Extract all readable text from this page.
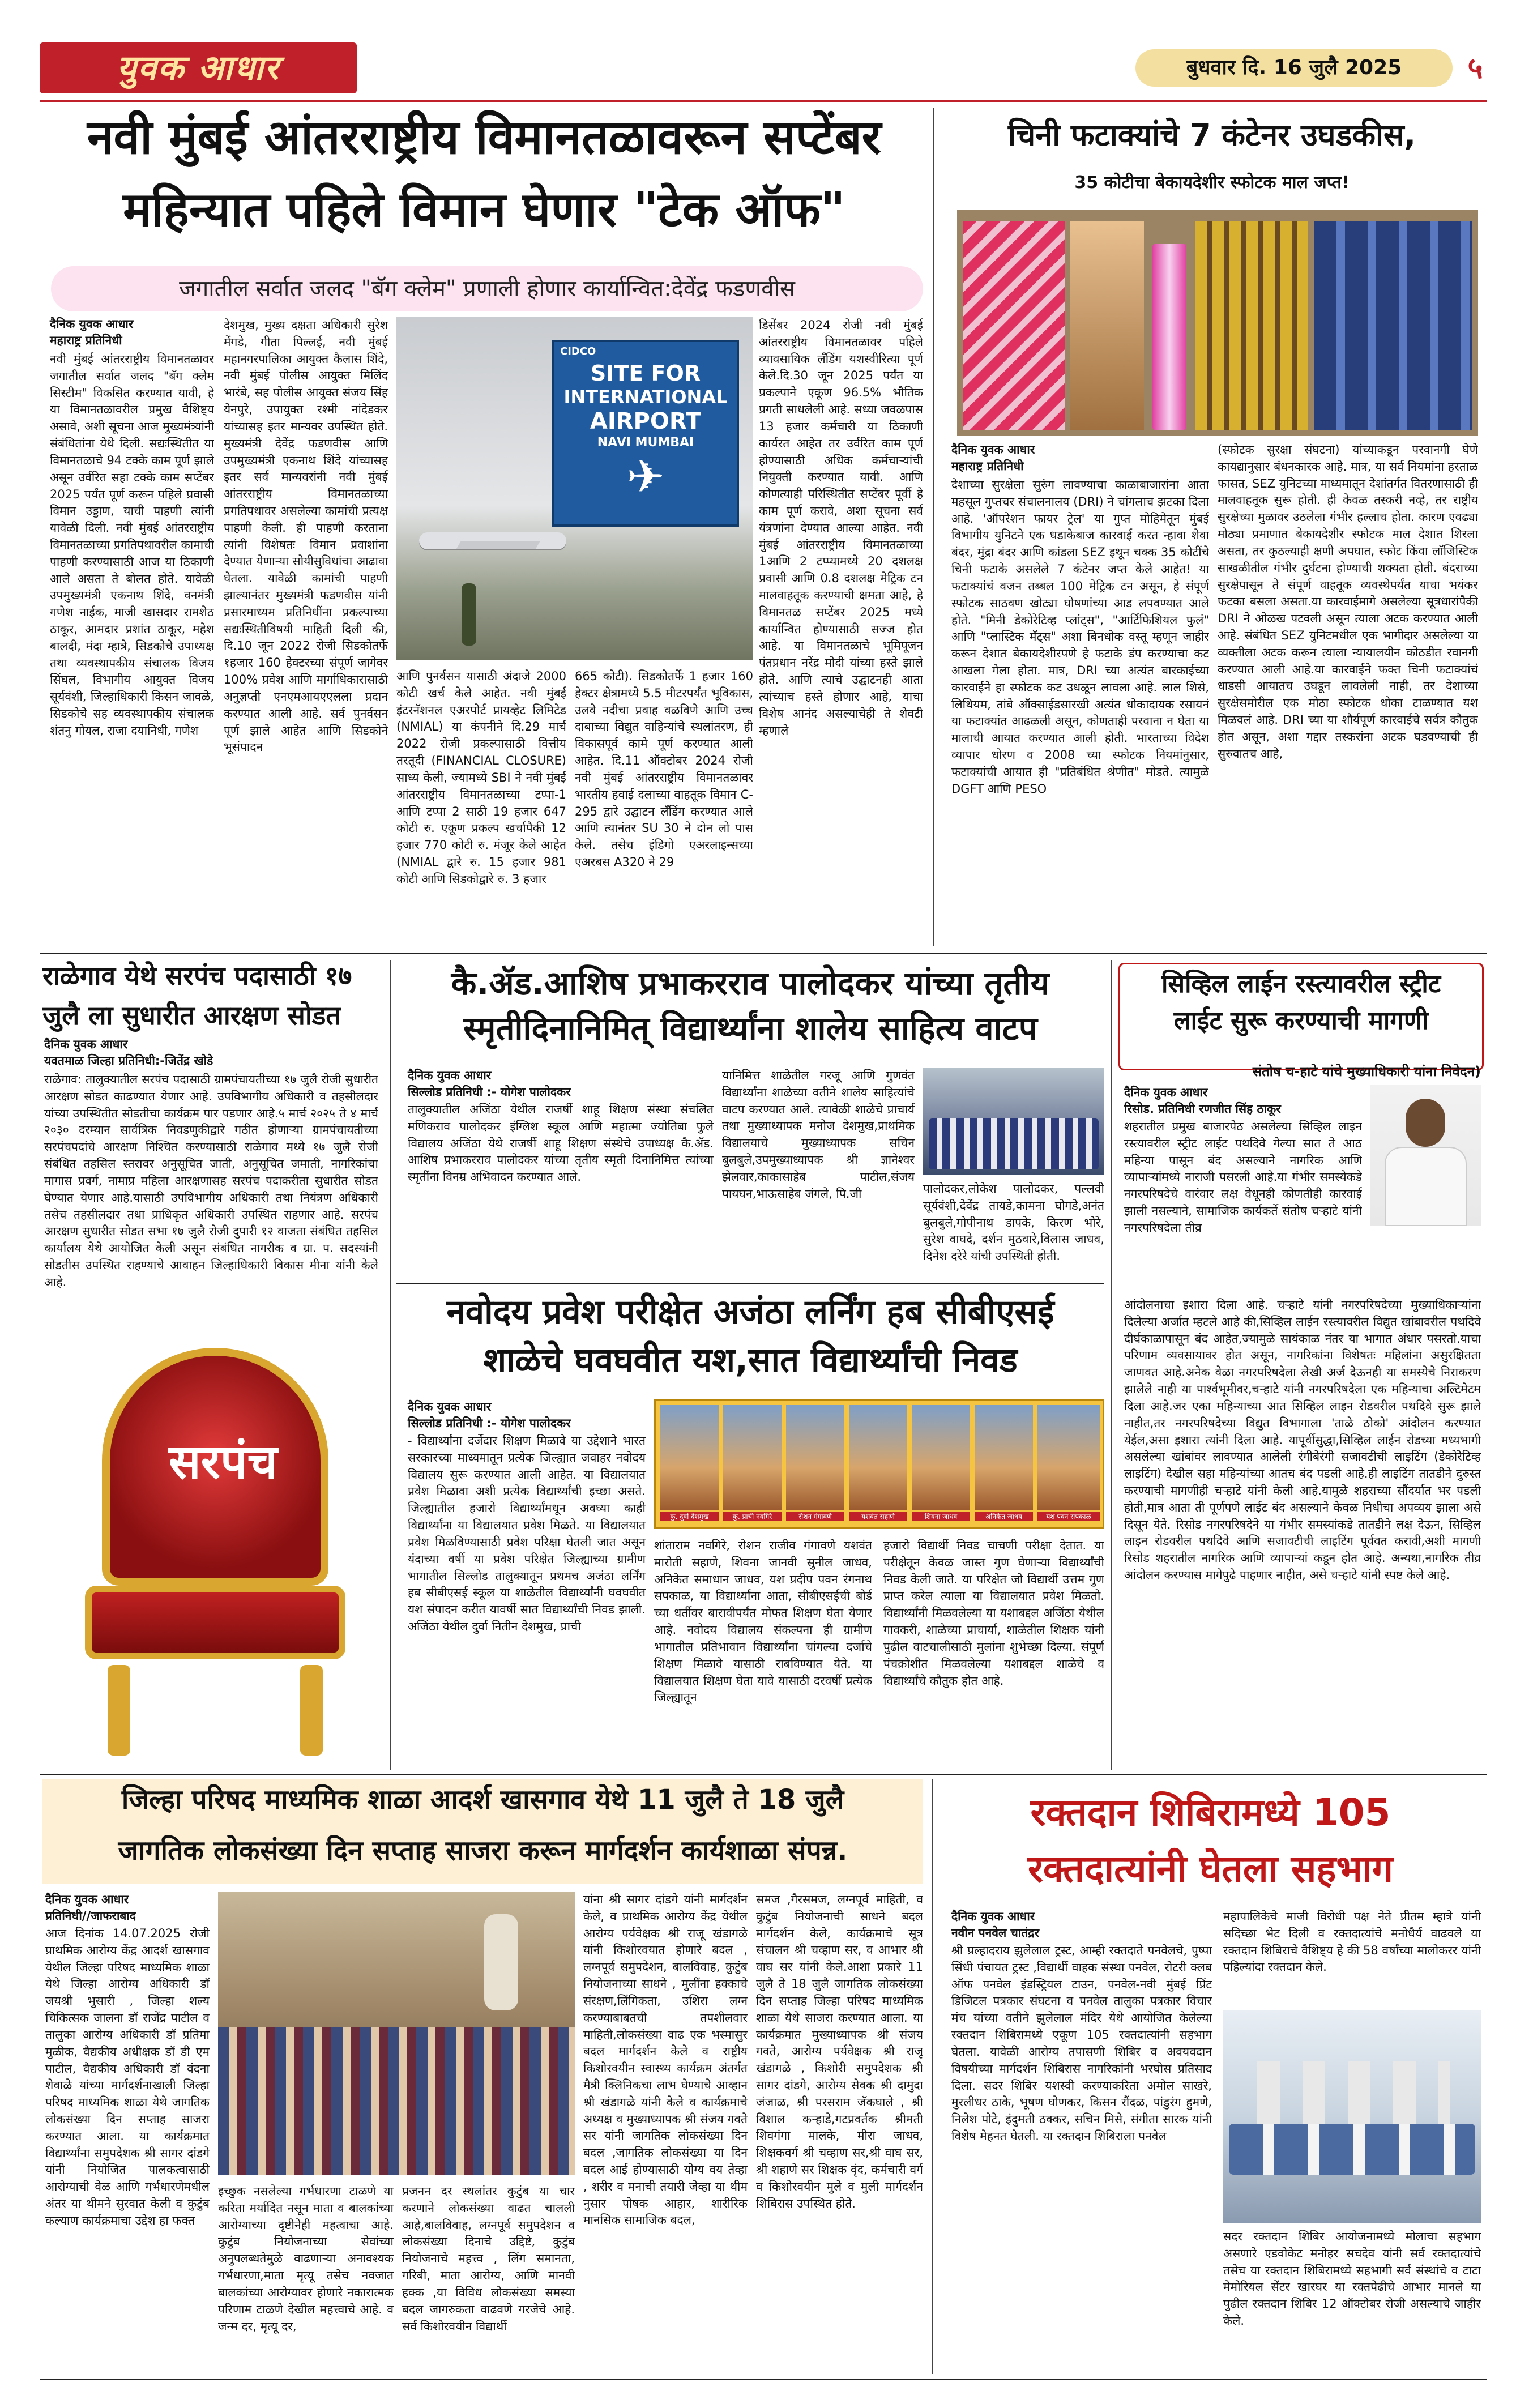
युवक आधार	बुधवार दि. 16 जुलै 2025	५
नवी मुंबई आंतरराष्ट्रीय विमानतळावरून सप्टेंबर
महिन्यात पहिले विमान घेणार "टेक ऑफ"
जगातील सर्वात जलद "बॅग क्लेम" प्रणाली होणार कार्यान्वित:देवेंद्र फडणवीस
दैनिक युवक आधार
महाराष्ट्र प्रतिनिधी
नवी मुंबई आंतरराष्ट्रीय विमानतळावर जगातील सर्वात जलद "बॅग क्लेम सिस्टीम" विकसित करण्यात यावी, हे या विमानतळावरील प्रमुख वैशिष्ट्य असावे, अशी सूचना आज मुख्यमंत्र्यांनी संबंधितांना येथे दिली. सद्यःस्थितीत या विमानतळाचे 94 टक्के काम पूर्ण झाले असून उर्वरित सहा टक्के काम सप्टेंबर 2025 पर्यंत पूर्ण करून पहिले प्रवासी विमान उड्डाण, याची पाहणी त्यांनी यावेळी दिली. नवी मुंबई आंतरराष्ट्रीय विमानतळाच्या प्रगतिपथावरील कामाची पाहणी करण्यासाठी आज या ठिकाणी आले असता ते बोलत होते. यावेळी उपमुख्यमंत्री एकनाथ शिंदे, वनमंत्री गणेश नाईक, माजी खासदार रामशेठ ठाकूर, आमदार प्रशांत ठाकूर, महेश बालदी, मंदा म्हात्रे, सिडकोचे उपाध्यक्ष तथा व्यवस्थापकीय संचालक विजय सिंघल, विभागीय आयुक्त विजय सूर्यवंशी, जिल्हाधिकारी किसन जावळे, सिडकोचे सह व्यवस्थापकीय संचालक शंतनु गोयल, राजा दयानिधी, गणेश
देशमुख, मुख्य दक्षता अधिकारी सुरेश मेंगडे, गीता पिल्लई, नवी मुंबई महानगरपालिका आयुक्त कैलास शिंदे, नवी मुंबई पोलीस आयुक्त मिलिंद भारंबे, सह पोलीस आयुक्त संजय सिंह येनपुरे, उपायुक्त रश्मी नांदेडकर यांच्यासह इतर मान्यवर उपस्थित होते. मुख्यमंत्री देवेंद्र फडणवीस आणि उपमुख्यमंत्री एकनाथ शिंदे यांच्यासह इतर सर्व मान्यवरांनी नवी मुंबई आंतरराष्ट्रीय विमानतळाच्या प्रगतिपथावर असलेल्या कामांची प्रत्यक्ष पाहणी केली. ही पाहणी करताना त्यांनी विशेषतः विमान प्रवाशांना देण्यात येणाऱ्या सोयीसुविधांचा आढावा घेतला. यावेळी कामांची पाहणी झाल्यानंतर मुख्यमंत्री फडणवीस यांनी प्रसारमाध्यम प्रतिनिधींना प्रकल्पाच्या सद्यःस्थितीविषयी माहिती दिली की, दि.10 जून 2022 रोजी सिडकोतर्फे १हजार 160 हेक्टरच्या संपूर्ण जागेवर 100% प्रवेश आणि मार्गाधिकारासाठी अनुज्ञप्ती एनएमआयएएलला प्रदान करण्यात आली आहे. सर्व पुनर्वसन पूर्ण झाले आहेत आणि सिडकोने भूसंपादन
CIDCO
SITE FOR
INTERNATIONAL
AIRPORT
NAVI MUMBAI
✈
आणि पुनर्वसन यासाठी अंदाजे 2000 कोटी खर्च केले आहेत. नवी मुंबई इंटरनॅशनल एअरपोर्ट प्रायव्हेट लिमिटेड (NMIAL) या कंपनीने दि.29 मार्च 2022 रोजी प्रकल्पासाठी वित्तीय तरतूदी (FINANCIAL CLOSURE) साध्य केली, ज्यामध्ये SBI ने नवी मुंबई आंतरराष्ट्रीय विमानतळाच्या टप्पा-1 आणि टप्पा 2 साठी 19 हजार 647 कोटी रु. एकूण प्रकल्प खर्चापैकी 12 हजार 770 कोटी रु. मंजूर केले आहेत (NMIAL द्वारे रु. 15 हजार 981 कोटी आणि सिडकोद्वारे रु. 3 हजार
665 कोटी). सिडकोतर्फे 1 हजार 160 हेक्टर क्षेत्रामध्ये 5.5 मीटरपर्यंत भूविकास, उलवे नदीचा प्रवाह वळविणे आणि उच्च दाबाच्या विद्युत वाहिन्यांचे स्थलांतरण, ही विकासपूर्व कामे पूर्ण करण्यात आली आहेत. दि.11 ऑक्टोबर 2024 रोजी नवी मुंबई आंतरराष्ट्रीय विमानतळावर भारतीय हवाई दलाच्या वाहतूक विमान C-295 द्वारे उद्घाटन लँडिंग करण्यात आले आणि त्यानंतर SU 30 ने दोन लो पास केले. तसेच इंडिगो एअरलाइन्सच्या एअरबस A320 ने 29
डिसेंबर 2024 रोजी नवी मुंबई आंतरराष्ट्रीय विमानतळावर पहिले व्यावसायिक लँडिंग यशस्वीरित्या पूर्ण केले.दि.30 जून 2025 पर्यंत या प्रकल्पाने एकूण 96.5% भौतिक प्रगती साधलेली आहे. सध्या जवळपास 13 हजार कर्मचारी या ठिकाणी कार्यरत आहेत तर उर्वरित काम पूर्ण होण्यासाठी अधिक कर्मचाऱ्यांची नियुक्ती करण्यात यावी. आणि कोणत्याही परिस्थितीत सप्टेंबर पूर्वी हे काम पूर्ण करावे, अशा सूचना सर्व यंत्रणांना देण्यात आल्या आहेत. नवी मुंबई आंतरराष्ट्रीय विमानतळाच्या 1आणि 2 टप्प्यामध्ये 20 दशलक्ष प्रवासी आणि 0.8 दशलक्ष मेट्रिक टन मालवाहतूक करण्याची क्षमता आहे, हे विमानतळ सप्टेंबर 2025 मध्ये कार्यान्वित होण्यासाठी सज्ज होत आहे. या विमानतळाचे भूमिपूजन पंतप्रधान नरेंद्र मोदी यांच्या हस्ते झाले होते. आणि त्याचे उद्घाटनही आता त्यांच्याच हस्ते होणार आहे, याचा विशेष आनंद असल्याचेही ते शेवटी म्हणाले
चिनी फटाक्यांचे 7 कंटेनर उघडकीस,
35 कोटीचा बेकायदेशीर स्फोटक माल जप्त!
दैनिक युवक आधार
महाराष्ट्र प्रतिनिधी
देशाच्या सुरक्षेला सुरुंग लावण्याचा काळाबाजारांना आता महसूल गुप्तचर संचालनालय (DRI) ने चांगलाच झटका दिला आहे. 'ऑपरेशन फायर ट्रेल' या गुप्त मोहिमेतून मुंबई विभागीय युनिटने एक धडाकेबाज कारवाई करत न्हावा शेवा बंदर, मुंद्रा बंदर आणि कांडला SEZ इथून चक्क 35 कोटींचे चिनी फटाके असलेले 7 कंटेनर जप्त केले आहेत! या फटाक्यांचं वजन तब्बल 100 मेट्रिक टन असून, हे संपूर्ण स्फोटक साठवण खोट्या घोषणांच्या आड लपवण्यात आले होते. "मिनी डेकोरेटिव्ह प्लांट्स", "आर्टिफिशियल फुलं" आणि "प्लास्टिक मॅट्स" अशा बिनधोक वस्तू म्हणून जाहीर करून देशात बेकायदेशीरपणे हे फटाके डंप करण्याचा कट आखला गेला होता. मात्र, DRI च्या अत्यंत बारकाईच्या कारवाईने हा स्फोटक कट उधळून लावला आहे. लाल शिसे, लिथियम, तांबे ऑक्साईडसारखी अत्यंत धोकादायक रसायनं या फटाक्यांत आढळली असून, कोणताही परवाना न घेता या मालाची आयात करण्यात आली होती. भारताच्या विदेश व्यापार धोरण व 2008 च्या स्फोटक नियमांनुसार, फटाक्यांची आयात ही "प्रतिबंधित श्रेणीत" मोडते. त्यामुळे DGFT आणि PESO
(स्फोटक सुरक्षा संघटना) यांच्याकडून परवानगी घेणे कायद्यानुसार बंधनकारक आहे. मात्र, या सर्व नियमांना हरताळ फासत, SEZ युनिटच्या माध्यमातून देशांतर्गत वितरणासाठी ही मालवाहतूक सुरू होती. ही केवळ तस्करी नव्हे, तर राष्ट्रीय सुरक्षेच्या मुळावर उठलेला गंभीर हल्लाच होता. कारण एवढ्या मोठ्या प्रमाणात बेकायदेशीर स्फोटक माल देशात शिरला असता, तर कुठल्याही क्षणी अपघात, स्फोट किंवा लॉजिस्टिक साखळीतील गंभीर दुर्घटना होण्याची शक्यता होती. बंदराच्या सुरक्षेपासून ते संपूर्ण वाहतूक व्यवस्थेपर्यंत याचा भयंकर फटका बसला असता.या कारवाईमागे असलेल्या सूत्रधारांपैकी DRI ने ओळख पटवली असून त्याला अटक करण्यात आली आहे. संबंधित SEZ युनिटमधील एक भागीदार असलेल्या या व्यक्तीला अटक करून त्याला न्यायालयीन कोठडीत रवानगी करण्यात आली आहे.या कारवाईने फक्त चिनी फटाक्यांचं धाडसी आयातच उघडून लावलेली नाही, तर देशाच्या सुरक्षेसमोरील एक मोठा स्फोटक धोका टाळण्यात यश मिळवलं आहे. DRI च्या या शौर्यपूर्ण कारवाईचे सर्वत्र कौतुक होत असून, अशा गद्दार तस्करांना अटक घडवण्याची ही सुरुवातच आहे,
राळेगाव येथे सरपंच पदासाठी १७
जुलै ला सुधारीत आरक्षण सोडत
दैनिक युवक आधार
यवतमाळ जिल्हा प्रतिनिधी:-जितेंद्र खोडे
राळेगाव: तालुक्यातील सरपंच पदासाठी ग्रामपंचायतीच्या १७ जुलै रोजी सुधारीत आरक्षण सोडत काढण्यात येणार आहे. उपविभागीय अधिकारी व तहसीलदार यांच्या उपस्थितीत सोडतीचा कार्यक्रम पार पडणार आहे.५ मार्च २०२५ ते ४ मार्च २०३० दरम्यान सार्वत्रिक निवडणुकीद्वारे गठीत होणाऱ्या ग्रामपंचायतीच्या सरपंचपदांचे आरक्षण निश्चित करण्यासाठी राळेगाव मध्ये १७ जुलै रोजी संबंधित तहसिल स्तरावर अनुसूचित जाती, अनुसूचित जमाती, नागरिकांचा मागास प्रवर्ग, नामाप्र महिला आरक्षणासह सरपंच पदाकरीता सुधारीत सोडत घेण्यात येणार आहे.यासाठी उपविभागीय अधिकारी तथा नियंत्रण अधिकारी तसेच तहसीलदार तथा प्राधिकृत अधिकारी उपस्थित राहणार आहे. सरपंच आरक्षण सुधारीत सोडत सभा १७ जुलै रोजी दुपारी १२ वाजता संबंधित तहसिल कार्यालय येथे आयोजित केली असून संबंधित नागरीक व ग्रा. प. सदस्यांनी सोडतीस उपस्थित राहण्याचे आवाहन जिल्हाधिकारी विकास मीना यांनी केले आहे.
सरपंच
कै.ॲड.आशिष प्रभाकरराव पालोदकर यांच्या तृतीय
स्मृतीदिनानिमित् विद्यार्थ्यांना शालेय साहित्य वाटप
दैनिक युवक आधार
सिल्लोड प्रतिनिधी :- योगेश पालोदकर
तालुक्यातील अजिंठा येथील राजर्षी शाहू शिक्षण संस्था संचलित मणिकराव पालोदकर इंग्लिश स्कूल आणि महात्मा ज्योतिबा फुले विद्यालय अजिंठा येथे राजर्षी शाहू शिक्षण संस्थेचे उपाध्यक्ष कै.ॲड. आशिष प्रभाकरराव पालोदकर यांच्या तृतीय स्मृती दिनानिमित्त त्यांच्या स्मृतींना विनम्र अभिवादन करण्यात आले.
यानिमित्त शाळेतील गरजू आणि गुणवंत विद्यार्थ्यांना शाळेच्या वतीने शालेय साहित्यांचे वाटप करण्यात आले. त्यावेळी शाळेचे प्राचार्य तथा मुख्याध्यापक मनोज देशमुख,प्राथमिक विद्यालयाचे मुख्याध्यापक सचिन बुलबुले,उपमुख्याध्यापक श्री ज्ञानेश्वर झेलवार,काकासाहेब पाटील,संजय पायघन,भाऊसाहेब जंगले, पि.जी	पालोदकर,लोकेश पालोदकर, पल्लवी सूर्यवंशी,देवेंद्र तायडे,कामना घोगडे,अनंत बुलबुले,गोपीनाथ डापके, किरण भोरे, सुरेश वाघदे, दर्शन मुठवारे,विलास जाधव, दिनेश दरेरे यांची उपस्थिती होती.
नवोदय प्रवेश परीक्षेत अजंठा लर्निंग हब सीबीएसई
शाळेचे घवघवीत यश,सात विद्यार्थ्यांची निवड
दैनिक युवक आधार
सिल्लोड प्रतिनिधी :- योगेश पालोदकर
- विद्यार्थ्यांना दर्जेदार शिक्षण मिळावे या उद्देशाने भारत सरकारच्या माध्यमातून प्रत्येक जिल्ह्यात जवाहर नवोदय विद्यालय सुरू करण्यात आली आहेत. या विद्यालयात प्रवेश मिळावा अशी प्रत्येक विद्यार्थ्यांची इच्छा असते. जिल्ह्यातील हजारो विद्यार्थ्यांमधून अवघ्या काही विद्यार्थ्यांना या विद्यालयात प्रवेश मिळते. या विद्यालयात प्रवेश मिळविण्यासाठी प्रवेश परिक्षा घेतली जात असून यंदाच्या वर्षी या प्रवेश परिक्षेत जिल्ह्याच्या ग्रामीण भागातील सिल्लोड तालुक्यातून प्रथमच अजंठा लर्निंग हब सीबीएसई स्कूल या शाळेतील विद्यार्थ्यांनी घवघवीत यश संपादन करीत यावर्षी सात विद्यार्थ्यांची निवड झाली. अजिंठा येथील दुर्वा नितीन देशमुख, प्राची
कु. दुर्वा देशमुख	कु. प्राची नवगिरे	रोशन गंगावणे	यशवंत सहाणे	शिवना जाधव	अनिकेत जाधव	यश पवन सपकाळ
शांताराम नवगिरे, रोशन राजीव गंगावणे यशवंत मारोती सहाणे, शिवना जानवी सुनील जाधव, अनिकेत समाधान जाधव, यश प्रदीप पवन रंगनाथ सपकाळ, या विद्यार्थ्यांना आता, सीबीएसईची बोर्ड च्या धर्तीवर बारावीपर्यंत मोफत शिक्षण घेता येणार आहे. नवोदय विद्यालय संकल्पना ही ग्रामीण भागातील प्रतिभावान विद्यार्थ्यांना चांगल्या दर्जाचे शिक्षण मिळावे यासाठी राबविण्यात येते. या विद्यालयात शिक्षण घेता यावे यासाठी दरवर्षी प्रत्येक जिल्ह्यातून
हजारो विद्यार्थी निवड चाचणी परीक्षा देतात. या परीक्षेतून केवळ जास्त गुण घेणाऱ्या विद्यार्थ्यांची निवड केली जाते. या परिक्षेत जो विद्यार्थी उत्तम गुण प्राप्त करेल त्याला या विद्यालयात प्रवेश मिळतो. विद्यार्थ्यांनी मिळवलेल्या या यशाबद्दल अजिंठा येथील गावकरी, शाळेच्या प्राचार्या, शाळेतील शिक्षक यांनी पुढील वाटचालीसाठी मुलांना शुभेच्छा दिल्या. संपूर्ण पंचक्रोशीत मिळवलेल्या यशाबद्दल शाळेचे व विद्यार्थ्यांचे कौतुक होत आहे.
सिव्हिल लाईन रस्त्यावरील स्ट्रीट
लाईट सुरू करण्याची मागणी
संतोष च-हाटे यांचे मुख्याधिकारी यांना निवेदन)
दैनिक युवक आधार
रिसोड. प्रतिनिधी रणजीत सिंह ठाकूर
शहरातील प्रमुख बाजारपेठ असलेल्या सिव्हिल लाइन रस्त्यावरील स्ट्रीट लाईट पथदिवे गेल्या सात ते आठ महिन्या पासून बंद असल्याने नागरिक आणि व्यापाऱ्यांमध्ये नाराजी पसरली आहे.या गंभीर समस्येकडे नगरपरिषदेचे वारंवार लक्ष वेधूनही कोणतीही कारवाई झाली नसल्याने, सामाजिक कार्यकर्ते संतोष चऱ्हाटे यांनी नगरपरिषदेला तीव्र
आंदोलनाचा इशारा दिला आहे. चऱ्हाटे यांनी नगरपरिषदेच्या मुख्याधिकाऱ्यांना दिलेल्या अर्जात म्हटले आहे की,सिव्हिल लाईन रस्त्यावरील विद्युत खांबावरील पथदिवे दीर्घकाळापासून बंद आहेत,ज्यामुळे सायंकाळ नंतर या भागात अंधार पसरतो.याचा परिणाम व्यवसायावर होत असून, नागरिकांना विशेषतः महिलांना असुरक्षितता जाणवत आहे.अनेक वेळा नगरपरिषदेला लेखी अर्ज देऊनही या समस्येचे निराकरण झालेले नाही या पार्श्वभूमीवर,चऱ्हाटे यांनी नगरपरिषदेला एक महिन्याचा अल्टिमेटम दिला आहे.जर एका महिन्याच्या आत सिव्हिल लाइन रोडवरील पथदिवे सुरू झाले नाहीत,तर नगरपरिषदेच्या विद्युत विभागाला 'ताळे ठोको' आंदोलन करण्यात येईल,असा इशारा त्यांनी दिला आहे. यापूर्वीसुद्धा,सिव्हिल लाईन रोडच्या मध्यभागी असलेल्या खांबांवर लावण्यात आलेली रंगीबेरंगी सजावटीची लाइटिंग (डेकोरेटिव्ह लाइटिंग) देखील सहा महिन्यांच्या आतच बंद पडली आहे.ही लाइटिंग तातडीने दुरुस्त करण्याची मागणीही चऱ्हाटे यांनी केली आहे.यामुळे शहराच्या सौंदर्यात भर पडली होती,मात्र आता ती पूर्णपणे लाईट बंद असल्याने केवळ निधीचा अपव्यय झाला असे दिसून येते. रिसोड नगरपरिषदेने या गंभीर समस्यांकडे तातडीने लक्ष देऊन, सिव्हिल लाइन रोडवरील पथदिवे आणि सजावटीची लाइटिंग पूर्ववत करावी,अशी मागणी रिसोड शहरातील नागरिक आणि व्यापाऱ्यां कडून होत आहे. अन्यथा,नागरिक तीव्र आंदोलन करण्यास मागेपुढे पाहणार नाहीत, असे चऱ्हाटे यांनी स्पष्ट केले आहे.
जिल्हा परिषद माध्यमिक शाळा आदर्श खासगाव येथे 11 जुलै ते 18 जुलै
जागतिक लोकसंख्या दिन सप्ताह साजरा करून मार्गदर्शन कार्यशाळा संपन्न.
दैनिक युवक आधार
प्रतिनिधी//जाफराबाद
आज दिनांक 14.07.2025 रोजी प्राथमिक आरोग्य केंद्र आदर्श खासगाव येथील जिल्हा परिषद माध्यमिक शाळा येथे जिल्हा आरोग्य अधिकारी डॉ जयश्री भुसारी , जिल्हा शल्य चिकित्सक जालना डॉ राजेंद्र पाटील व तालुका आरोग्य अधिकारी डॉ प्रतिमा मुळीक, वैद्यकीय अधीक्षक डॉ डी एम पाटील, वैद्यकीय अधिकारी डॉ वंदना शेवाळे यांच्या मार्गदर्शनाखाली जिल्हा परिषद माध्यमिक शाळा येथे जागतिक लोकसंख्या दिन सप्ताह साजरा करण्यात आला. या कार्यक्रमात विद्यार्थ्यांना समुपदेशक श्री सागर दांडगे यांनी नियोजित पालकत्वासाठी आरोग्याची वेळ आणि गर्भधारणेमधील अंतर या थीमने सुरवात केली व कुटुंब कल्याण कार्यक्रमाचा उद्देश हा फक्त
इच्छुक नसलेल्या गर्भधारणा टाळणे या करिता मर्यादित नसून माता व बालकांच्या आरोग्याच्या दृष्टीनेही महत्वाचा आहे. कुटुंब नियोजनाच्या सेवांच्या अनुपलब्धतेमुळे वाढणाऱ्या अनावश्यक गर्भधारणा,माता मृत्यू तसेच नवजात बालकांच्या आरोग्यावर होणारे नकारात्मक परिणाम टाळणे देखील महत्त्वाचे आहे. व जन्म दर, मृत्यू दर,
प्रजनन दर स्थलांतर कुटुंब या चार करणाने लोकसंख्या वाढत चालली आहे,बालविवाह, लग्नपूर्व समुपदेशन व लोकसंख्या दिनाचे उद्दिष्टे, कुटुंब नियोजनाचे महत्त्व , लिंग समानता, गरिबी, माता आरोग्य, आणि मानवी हक्क ,या विविध लोकसंख्या समस्या बदल जागरुकता वाढवणे गरजेचे आहे. सर्व किशोरवयीन विद्यार्थी
यांना श्री सागर दांडगे यांनी मार्गदर्शन केले, व प्राथमिक आरोग्य केंद्र येथील आरोग्य पर्यवेक्षक श्री राजू खंडागळे यांनी किशोरवयात होणारे बदल , लग्नपूर्व समुपदेशन, बालविवाह, कुटुंब नियोजनाच्या साधने , मुलींना हक्काचे संरक्षण,लिंगिकता, उशिरा लग्न करण्याबाबतची तपशीलवार माहिती,लोकसंख्या वाढ एक भस्मासुर बदल मार्गदर्शन केले व राष्ट्रीय किशोरवयीन स्वास्थ्य कार्यक्रम अंतर्गत मैत्री क्लिनिकचा लाभ घेण्याचे आव्हान श्री खंडागळे यांनी केले व कार्यक्रमाचे अध्यक्ष व मुख्याध्यापक श्री संजय गवते सर यांनी जागतिक लोकसंख्या दिन बदल ,जागतिक लोकसंख्या या दिन बदल आई होण्यासाठी योग्य वय तेव्हा , शरीर व मनाची तयारी जेव्हा या थीम नुसार पोषक आहार, शारीरिक मानसिक सामाजिक बदल,
समज ,गैरसमज, लग्नपूर्व माहिती, व कुटुंब नियोजनाची साधने बदल मार्गदर्शन केले, कार्यक्रमाचे सूत्र संचालन श्री चव्हाण सर, व आभार श्री वाघ सर यांनी केले.आशा प्रकारे 11 जुलै ते 18 जुलै जागतिक लोकसंख्या दिन सप्ताह जिल्हा परिषद माध्यमिक शाळा येथे साजरा करण्यात आला. या कार्यक्रमात मुख्याध्यापक श्री संजय गवते, आरोग्य पर्यवेक्षक श्री राजू खंडागळे , किशोरी समुपदेशक श्री सागर दांडगे, आरोग्य सेवक श्री दामुदा जंजाळ, श्री परसराम जॅकघाले , श्री विशाल कऱ्हाडे,गटप्रवर्तक श्रीमती शिवगंगा मालके, मीरा जाधव, शिक्षकवर्ग श्री चव्हाण सर,श्री वाघ सर, श्री शहाणे सर शिक्षक वृंद, कर्मचारी वर्ग व किशोरवयीन मुले व मुली मार्गदर्शन शिबिरास उपस्थित होते.
रक्तदान शिबिरामध्ये 105
रक्तदात्यांनी घेतला सहभाग
दैनिक युवक आधार
नवीन पनवेल चातंद्रर
श्री प्रल्हादराय झुलेलाल ट्रस्ट, आम्ही रक्तदाते पनवेलचे, पुष्पा सिंधी पंचायत ट्रस्ट ,विद्यार्थी वाहक संस्था पनवेल, रोटरी क्लब ऑफ पनवेल इंडस्ट्रियल टाउन, पनवेल-नवी मुंबई प्रिंट डिजिटल पत्रकार संघटना व पनवेल तालुका पत्रकार विचार मंच यांच्या वतीने झुलेलाल मंदिर येथे आयोजित केलेल्या रक्तदान शिबिरामध्ये एकूण 105 रक्तदात्यांनी सहभाग घेतला. यावेळी आरोग्य तपासणी शिबिर व अवयवदान विषयीच्या मार्गदर्शन शिबिरास नागरिकांनी भरघोस प्रतिसाद दिला. सदर शिबिर यशस्वी करण्याकरिता अमोल साखरे, मुरलीधर ठाके, भूषण घोणकर, किसन रौंदळ, पांडुरंग हुमणे, निलेश पोटे, इंदुमती ठक्कर, सचिन मिसे, संगीता सारक यांनी विशेष मेहनत घेतली. या रक्तदान शिबिराला पनवेल
महापालिकेचे माजी विरोधी पक्ष नेते प्रीतम म्हात्रे यांनी सदिच्छा भेट दिली व रक्तदात्यांचे मनोधैर्य वाढवले या रक्तदान शिबिराचे वैशिष्ट्य हे की 58 वर्षांच्या मालोकरर यांनी पहिल्यांदा रक्तदान केले.
सदर रक्तदान शिबिर आयोजनामध्ये मोलाचा सहभाग असणारे एडवोकेट मनोहर सचदेव यांनी सर्व रक्तदात्यांचे तसेच या रक्तदान शिबिरामध्ये सहभागी सर्व संस्थांचे व टाटा मेमोरियल सेंटर खारघर या रक्तपेढीचे आभार मानले या पुढील रक्तदान शिबिर 12 ऑक्टोबर रोजी असल्याचे जाहीर केले.
